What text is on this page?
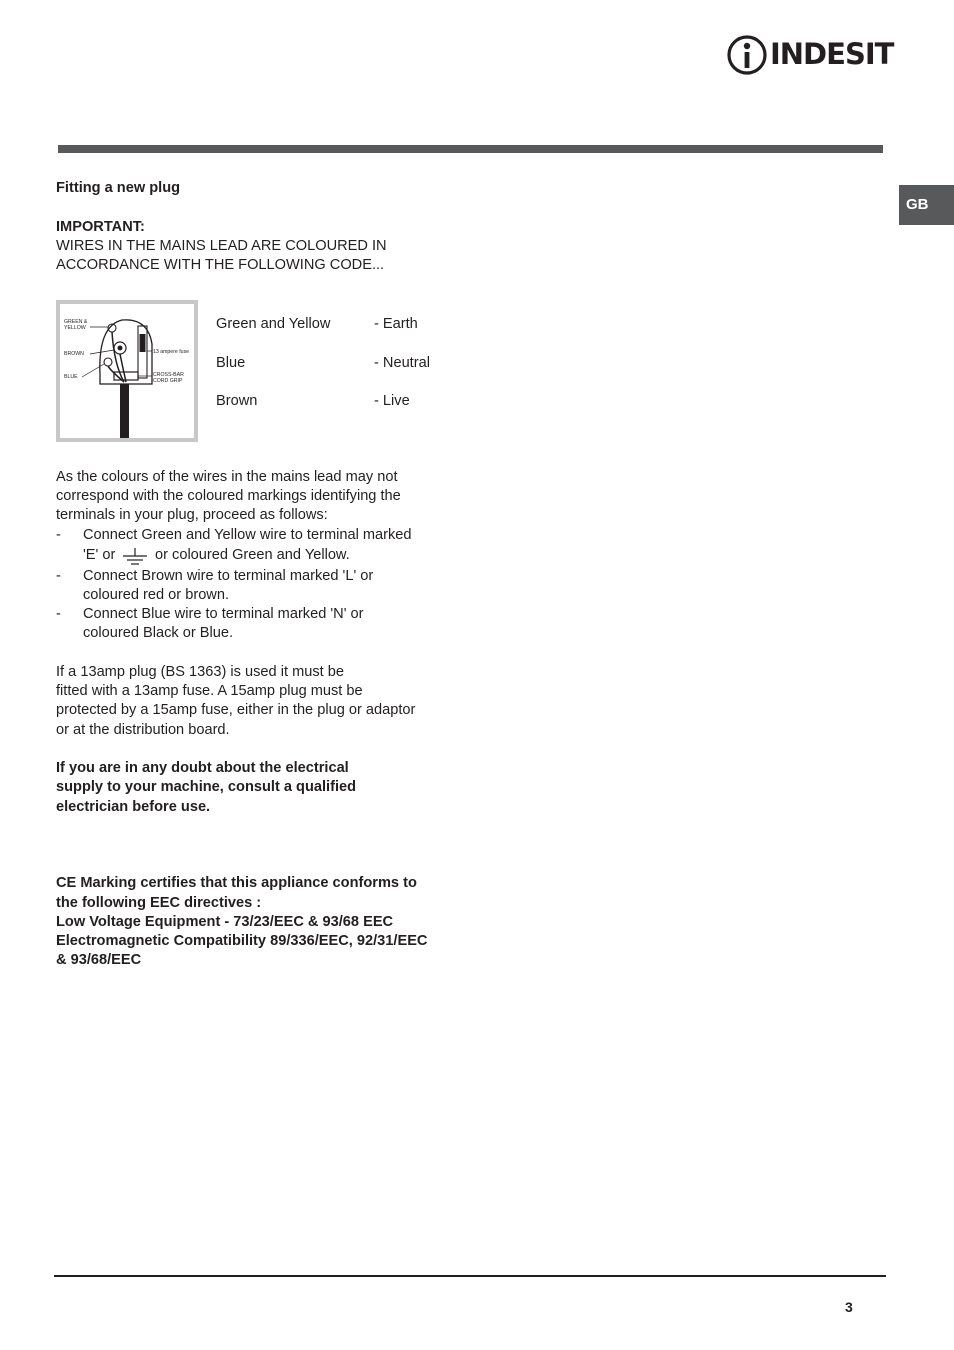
INDESIT
GB
Fitting a new plug
IMPORTANT:
WIRES IN THE MAINS LEAD ARE COLOURED IN
ACCORDANCE WITH THE FOLLOWING CODE...
GREEN &
YELLOW
BROWN
BLUE
13 ampere fuse
CROSS-BAR
CORD GRIP
Green and Yellow	- Earth
Blue	- Neutral
Brown	- Live
As the colours of the wires in the mains lead may not
correspond with the coloured markings identifying the
terminals in your plug, proceed as follows:
- Connect Green and Yellow wire to terminal marked
'E' or	or coloured Green and Yellow.
- Connect Brown wire to terminal marked 'L' or
coloured red or brown.
- Connect Blue wire to terminal marked 'N' or
coloured Black or Blue.
If a 13amp plug (BS 1363) is used it must be
fitted with a 13amp fuse. A 15amp plug must be
protected by a 15amp fuse, either in the plug or adaptor
or at the distribution board.
If you are in any doubt about the electrical
supply to your machine, consult a qualified
electrician before use.
CE Marking certifies that this appliance conforms to
the following EEC directives :
Low Voltage Equipment - 73/23/EEC & 93/68 EEC
Electromagnetic Compatibility 89/336/EEC, 92/31/EEC
& 93/68/EEC
3
